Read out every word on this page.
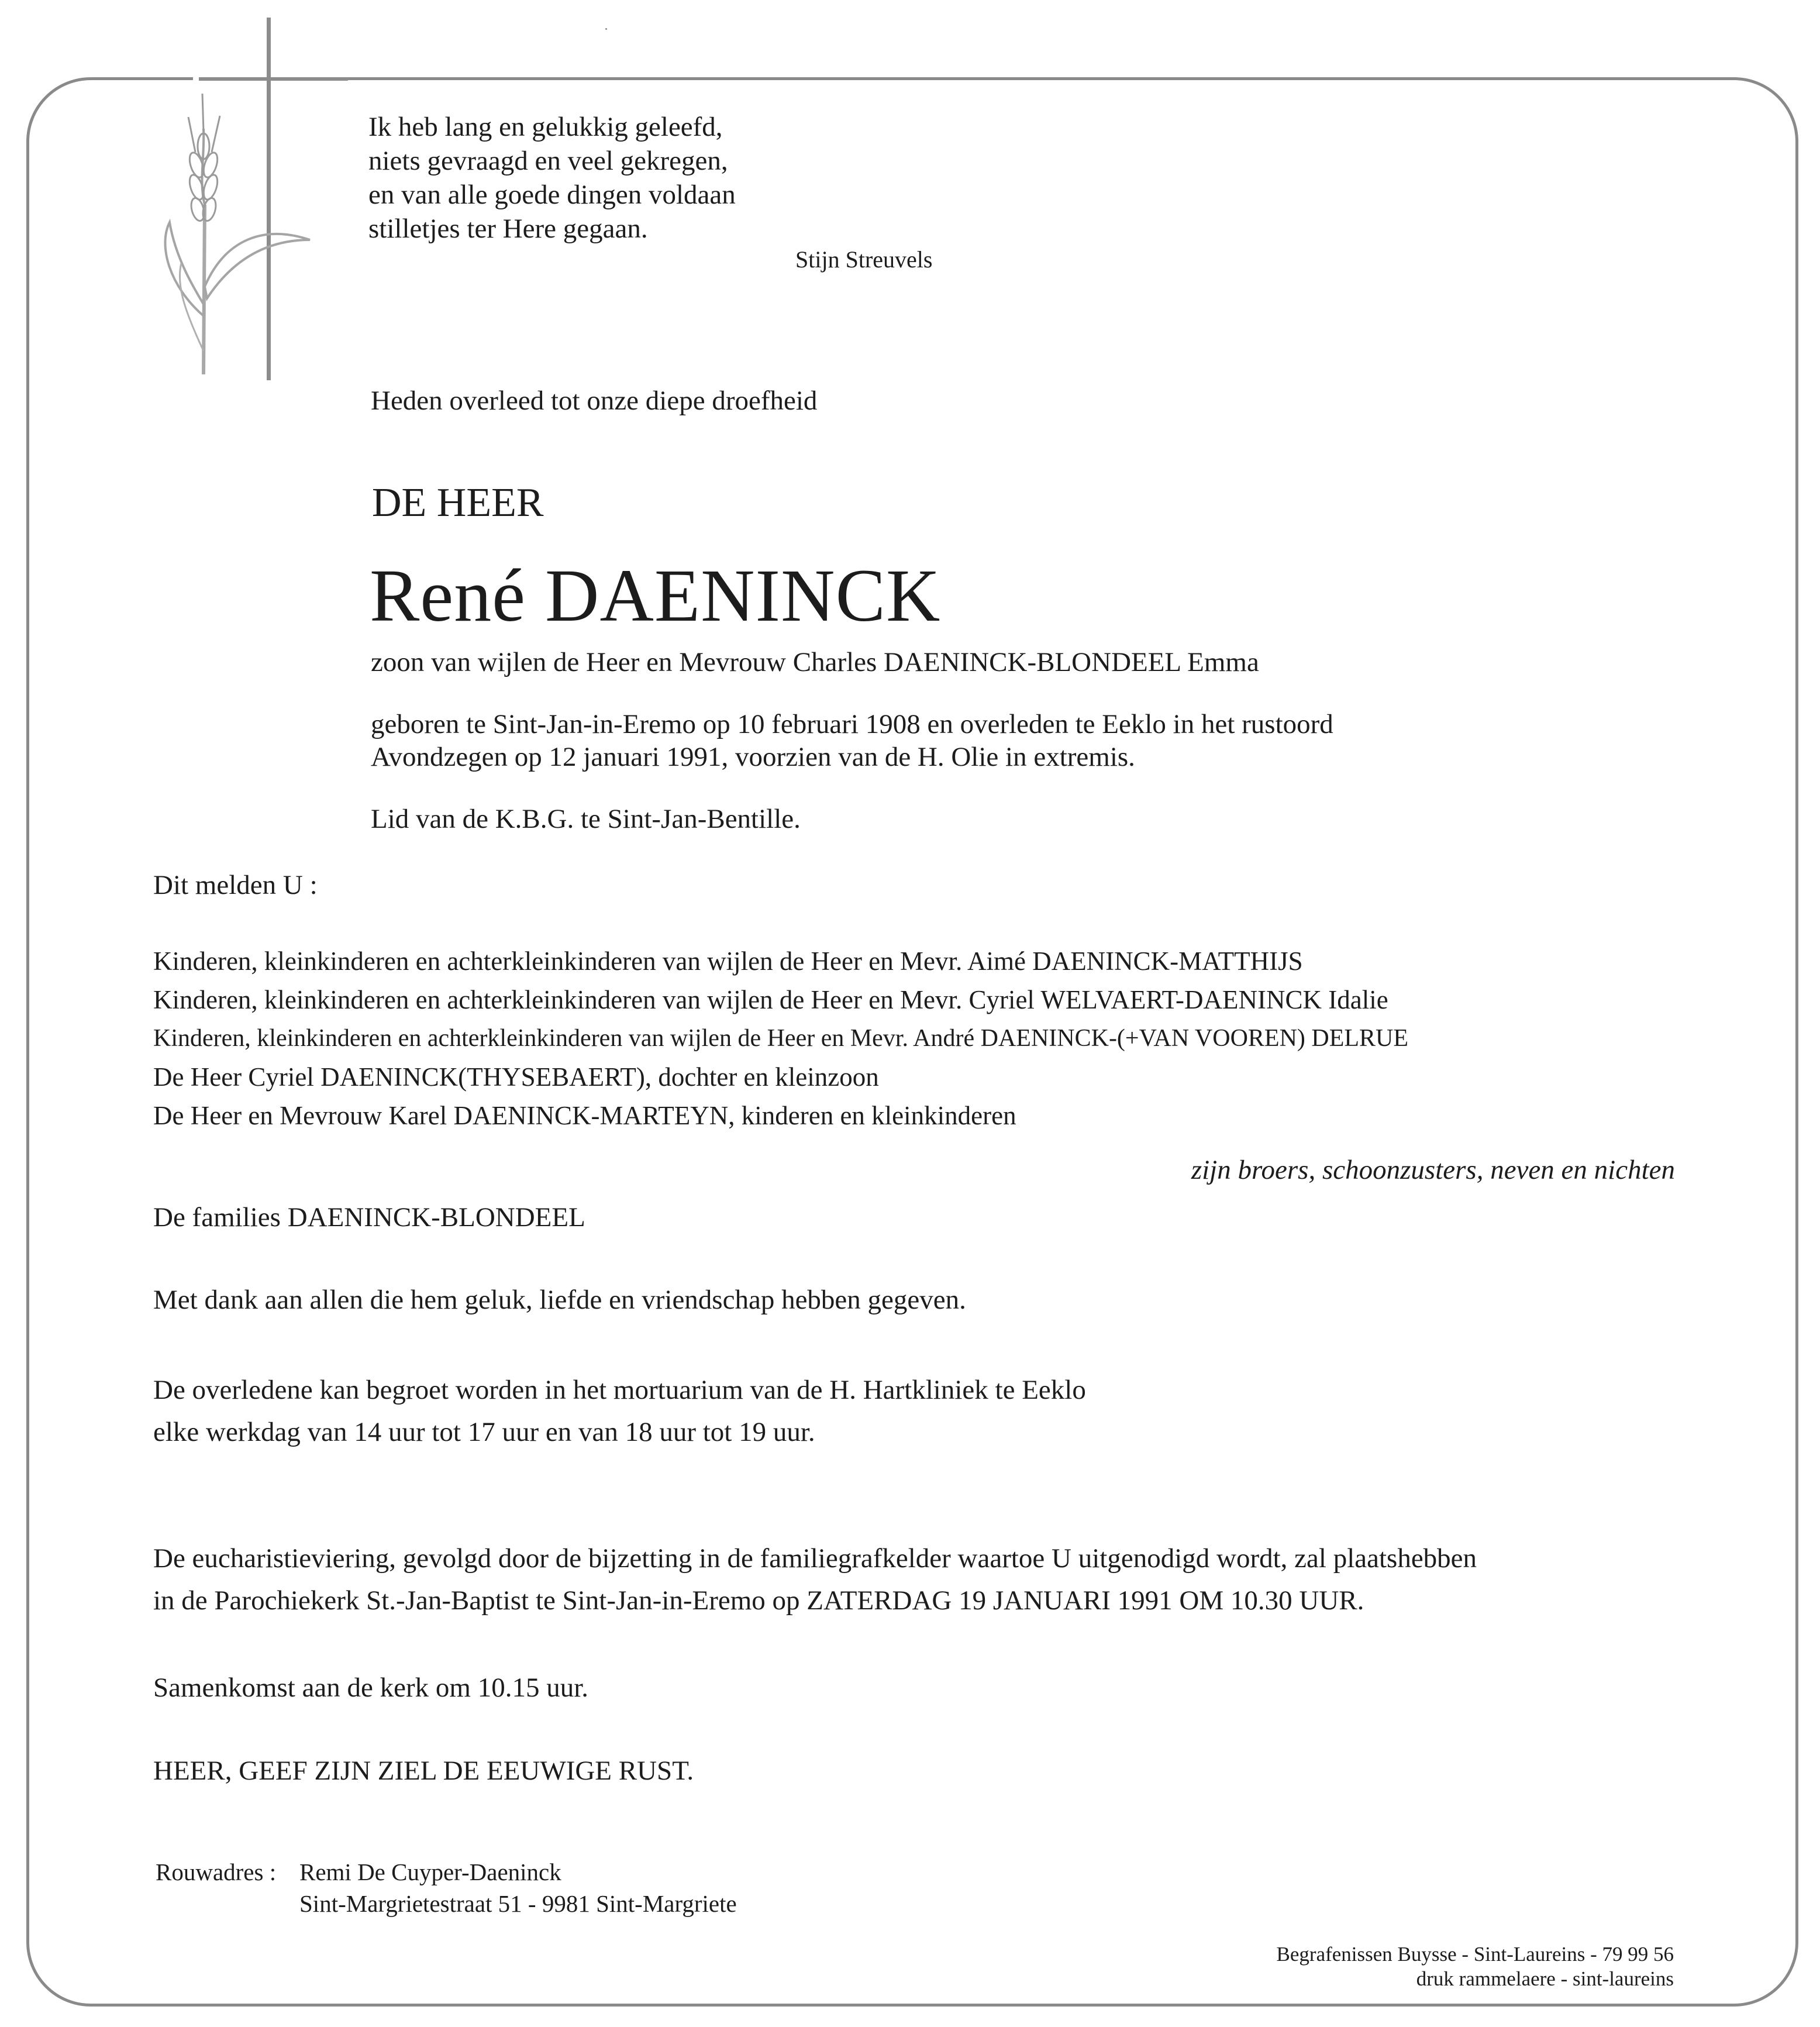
Ik heb lang en gelukkig geleefd,
niets gevraagd en veel gekregen,
en van alle goede dingen voldaan
stilletjes ter Here gegaan.
Stijn Streuvels
Heden overleed tot onze diepe droefheid
DE HEER
René DAENINCK
zoon van wijlen de Heer en Mevrouw Charles DAENINCK-BLONDEEL Emma
geboren te Sint-Jan-in-Eremo op 10 februari 1908 en overleden te Eeklo in het rustoord
Avondzegen op 12 januari 1991, voorzien van de H. Olie in extremis.
Lid van de K.B.G. te Sint-Jan-Bentille.
Dit melden U :
Kinderen, kleinkinderen en achterkleinkinderen van wijlen de Heer en Mevr. Aimé DAENINCK-MATTHIJS
Kinderen, kleinkinderen en achterkleinkinderen van wijlen de Heer en Mevr. Cyriel WELVAERT-DAENINCK Idalie
Kinderen, kleinkinderen en achterkleinkinderen van wijlen de Heer en Mevr. André DAENINCK-(+VAN VOOREN) DELRUE
De Heer Cyriel DAENINCK(THYSEBAERT), dochter en kleinzoon
De Heer en Mevrouw Karel DAENINCK-MARTEYN, kinderen en kleinkinderen
zijn broers, schoonzusters, neven en nichten
De families DAENINCK-BLONDEEL
Met dank aan allen die hem geluk, liefde en vriendschap hebben gegeven.
De overledene kan begroet worden in het mortuarium van de H. Hartkliniek te Eeklo
elke werkdag van 14 uur tot 17 uur en van 18 uur tot 19 uur.
De eucharistieviering, gevolgd door de bijzetting in de familiegrafkelder waartoe U uitgenodigd wordt, zal plaatshebben
in de Parochiekerk St.-Jan-Baptist te Sint-Jan-in-Eremo op ZATERDAG 19 JANUARI 1991 OM 10.30 UUR.
Samenkomst aan de kerk om 10.15 uur.
HEER, GEEF ZIJN ZIEL DE EEUWIGE RUST.
Rouwadres : Remi De Cuyper-Daeninck
Sint-Margrietestraat 51 - 9981 Sint-Margriete
Begrafenissen Buysse - Sint-Laureins - 79 99 56
druk rammelaere - sint-laureins
